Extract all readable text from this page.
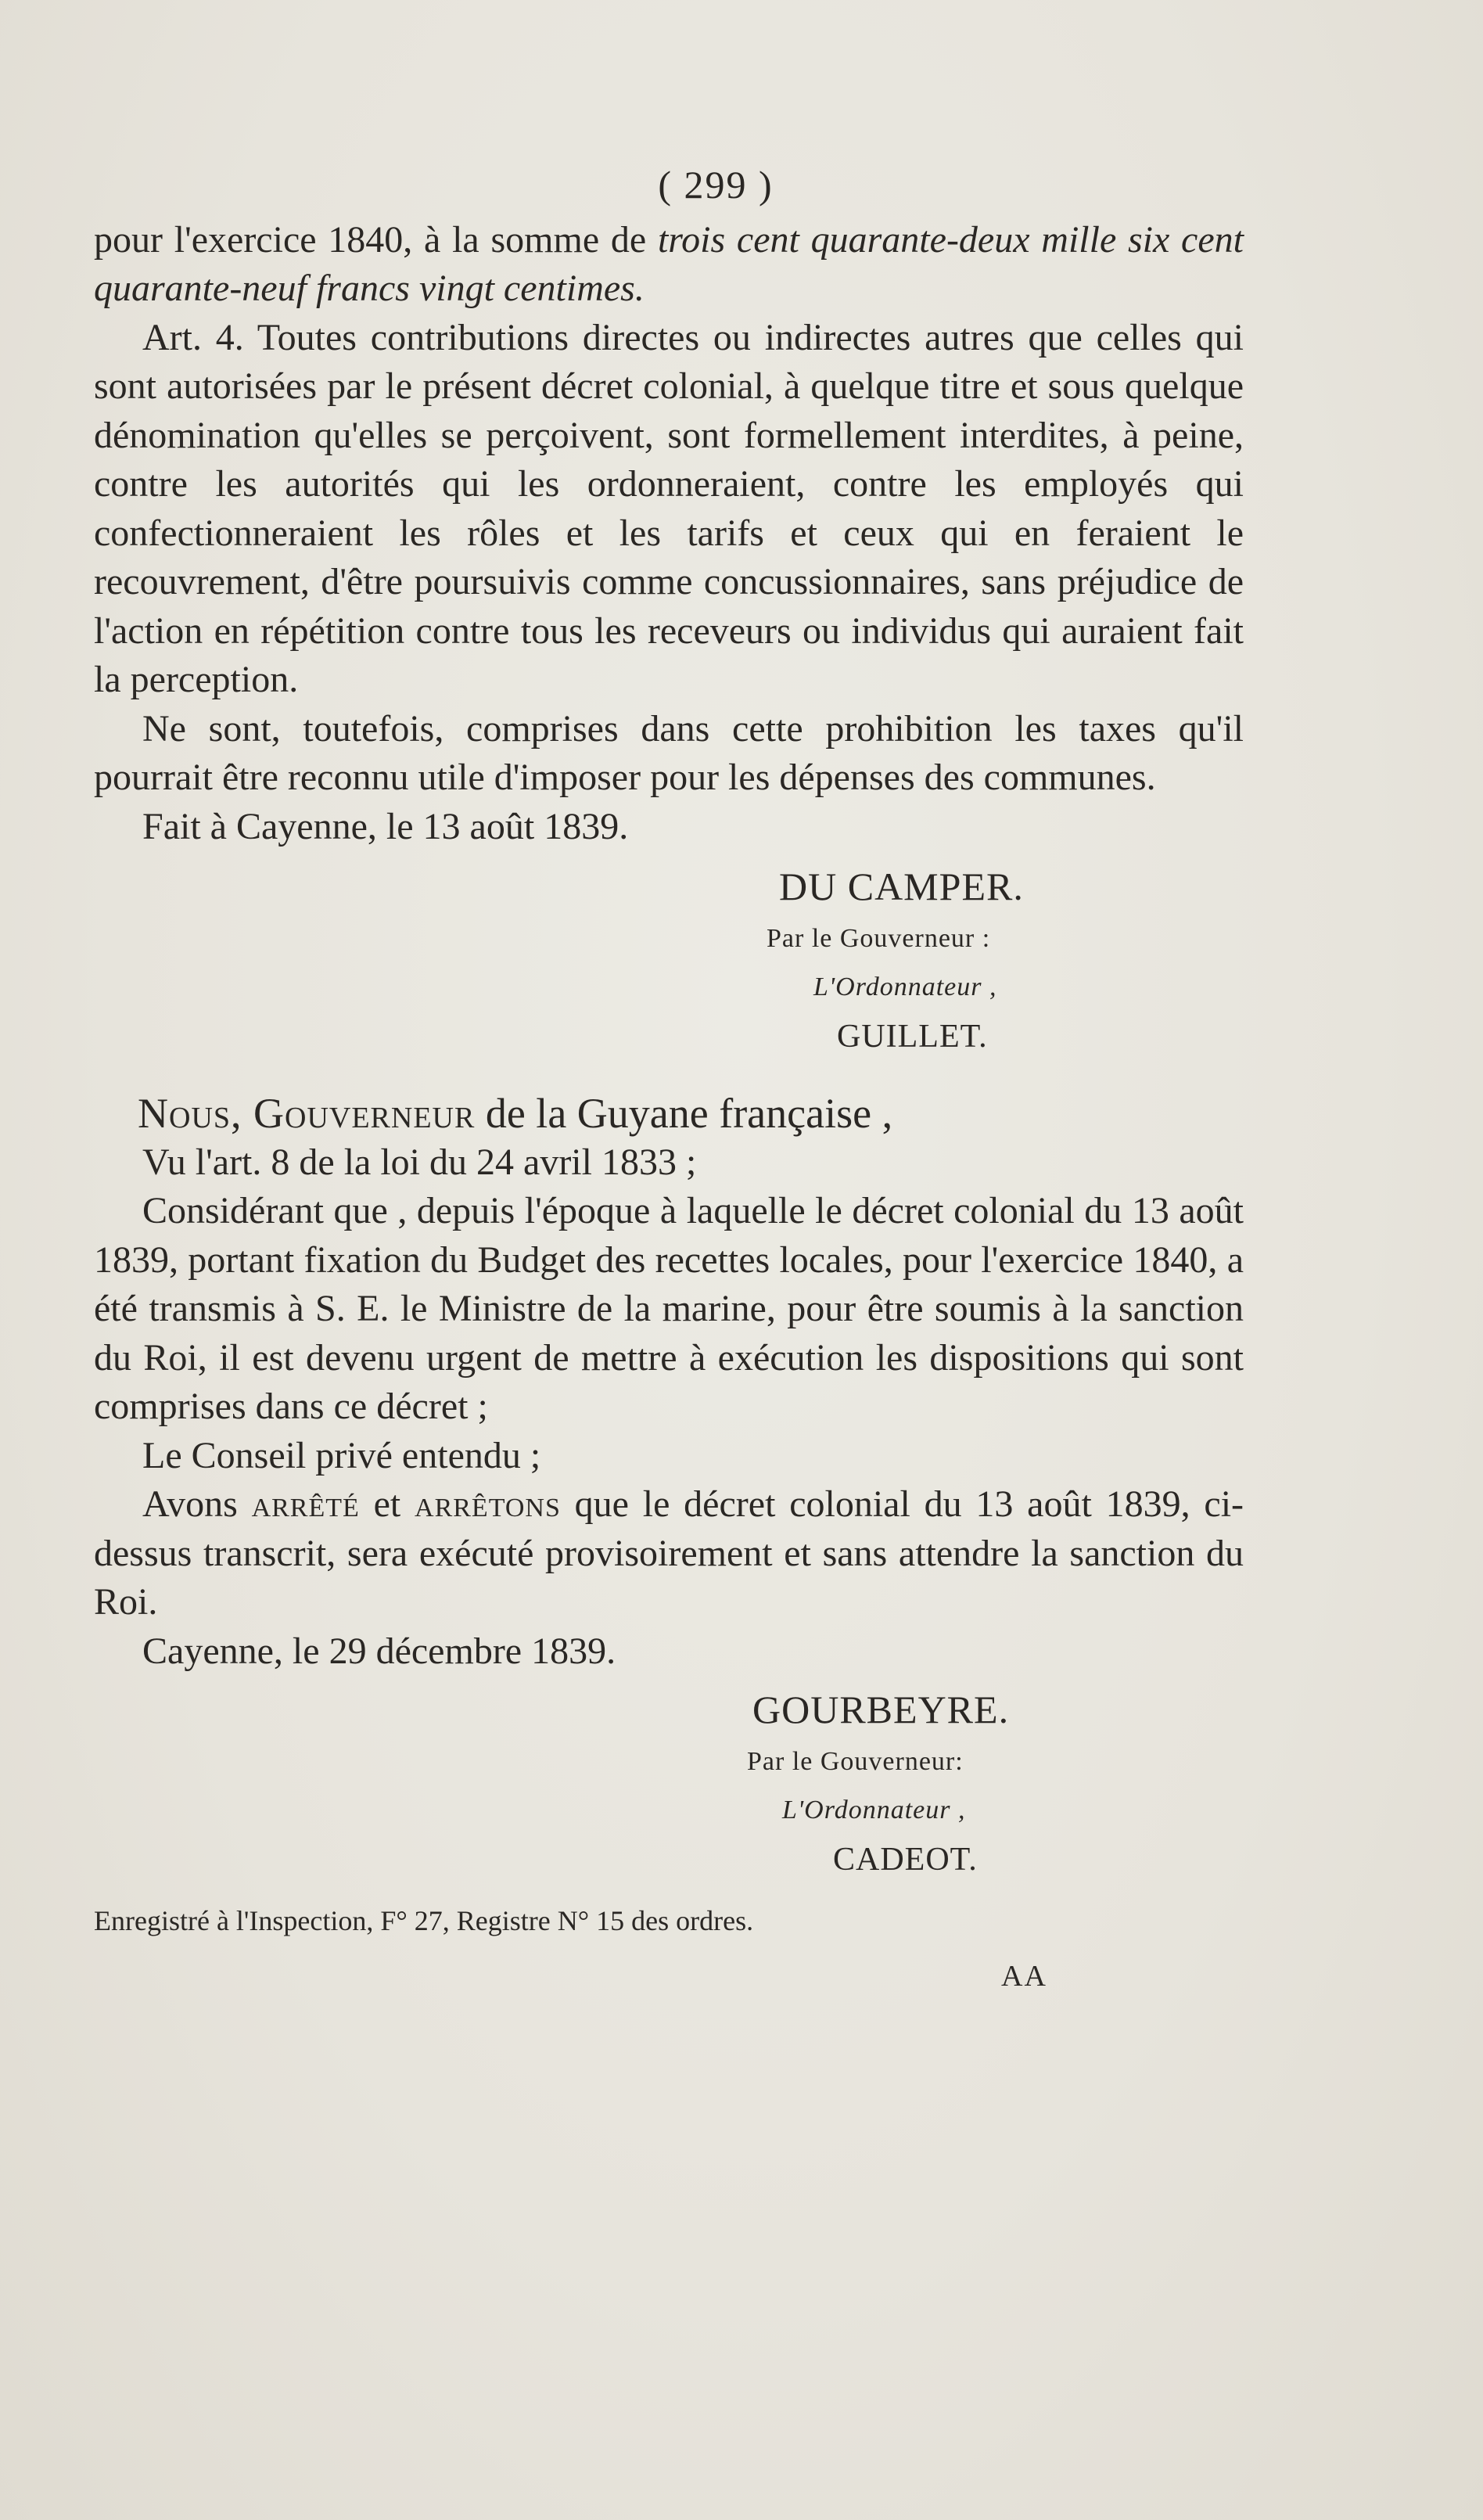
( 299 )

pour l'exercice 1840, à la somme de trois cent quarante-deux mille six cent quarante-neuf francs vingt centimes.

Art. 4. Toutes contributions directes ou indirectes autres que celles qui sont autorisées par le présent décret colonial, à quelque titre et sous quelque dénomination qu'elles se perçoivent, sont formellement interdites, à peine, contre les autorités qui les ordonneraient, contre les employés qui confectionneraient les rôles et les tarifs et ceux qui en feraient le recouvrement, d'être poursuivis comme concussionnaires, sans préjudice de l'action en répétition contre tous les receveurs ou individus qui auraient fait la perception.

Ne sont, toutefois, comprises dans cette prohibition les taxes qu'il pourrait être reconnu utile d'imposer pour les dépenses des communes.

Fait à Cayenne, le 13 août 1839.

DU CAMPER.
Par le Gouverneur :
L'Ordonnateur ,
GUILLET.

Nous, Gouverneur de la Guyane française ,

Vu l'art. 8 de la loi du 24 avril 1833 ;

Considérant que , depuis l'époque à laquelle le décret colonial du 13 août 1839, portant fixation du Budget des recettes locales, pour l'exercice 1840, a été transmis à S. E. le Ministre de la marine, pour être soumis à la sanction du Roi, il est devenu urgent de mettre à exécution les dispositions qui sont comprises dans ce décret ;

Le Conseil privé entendu ;

Avons arrêté et arrêtons que le décret colonial du 13 août 1839, ci-dessus transcrit, sera exécuté provisoirement et sans attendre la sanction du Roi.

Cayenne, le 29 décembre 1839.

GOURBEYRE.
Par le Gouverneur:
L'Ordonnateur ,
CADEOT.
Enregistré à l'Inspection, F° 27, Registre N° 15 des ordres.
AA
